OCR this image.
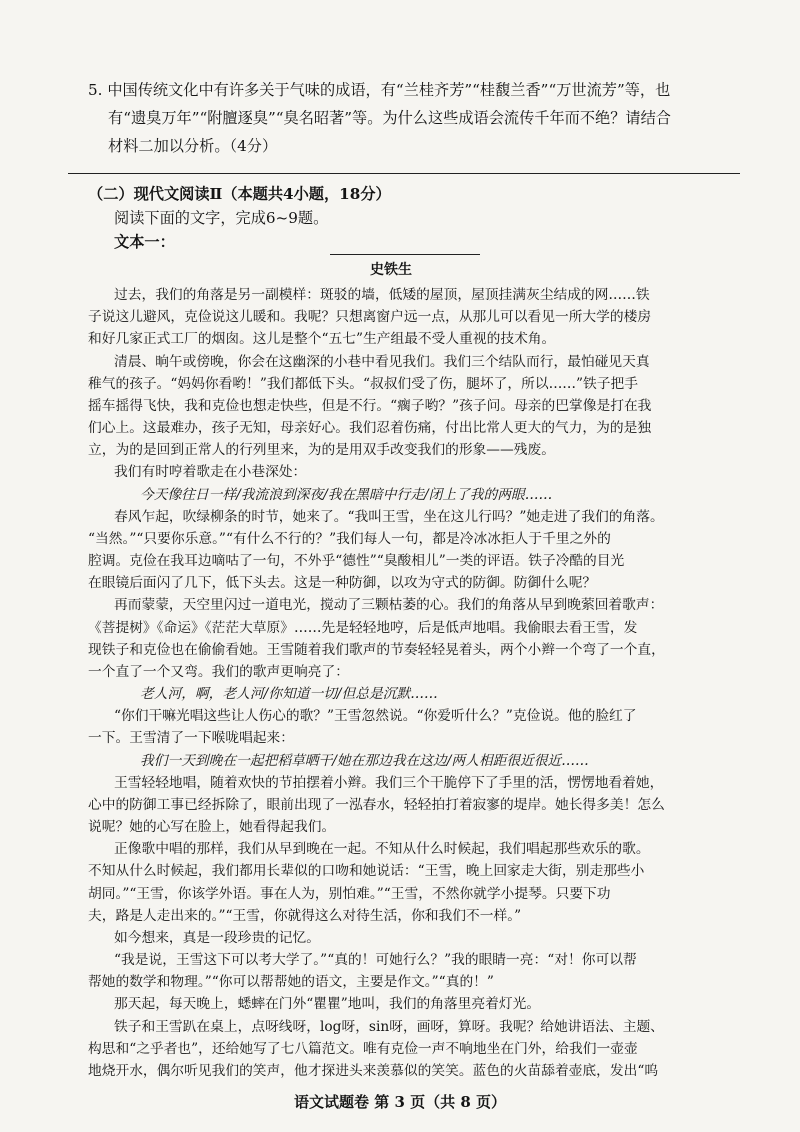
5. 中国传统文化中有许多关于气味的成语，有“兰桂齐芳”“桂馥兰香”“万世流芳”等，也
有“遗臭万年”“附膻逐臭”“臭名昭著”等。为什么这些成语会流传千年而不绝？请结合
材料二加以分析。（4分）
（二）现代文阅读Ⅱ（本题共4小题，18分）
阅读下面的文字，完成6~9题。
文本一：
史铁生
过去，我们的角落是另一副模样：斑驳的墙，低矮的屋顶，屋顶挂满灰尘结成的网……铁
子说这儿避风，克俭说这儿暖和。我呢？只想离窗户远一点，从那儿可以看见一所大学的楼房
和好几家正式工厂的烟囱。这儿是整个“五七”生产组最不受人重视的技术角。
清晨、晌午或傍晚，你会在这幽深的小巷中看见我们。我们三个结队而行，最怕碰见天真
稚气的孩子。“妈妈你看哟！”我们都低下头。“叔叔们受了伤，腿坏了，所以……”铁子把手
摇车摇得飞快，我和克俭也想走快些，但是不行。“瘸子哟？”孩子问。母亲的巴掌像是打在我
们心上。这最难办，孩子无知，母亲好心。我们忍着伤痛，付出比常人更大的气力，为的是独
立，为的是回到正常人的行列里来，为的是用双手改变我们的形象——残废。
我们有时哼着歌走在小巷深处：
今天像往日一样/我流浪到深夜/我在黑暗中行走/闭上了我的两眼……
春风乍起，吹绿柳条的时节，她来了。“我叫王雪，坐在这儿行吗？”她走进了我们的角落。
“当然。”“只要你乐意。”“有什么不行的？”我们每人一句，都是冷冰冰拒人于千里之外的
腔调。克俭在我耳边嘀咕了一句，不外乎“德性”“臭酸相儿”一类的评语。铁子冷酷的目光
在眼镜后面闪了几下，低下头去。这是一种防御，以攻为守式的防御。防御什么呢？
再而蒙蒙，天空里闪过一道电光，搅动了三颗枯萎的心。我们的角落从早到晚萦回着歌声：
《菩提树》《命运》《茫茫大草原》……先是轻轻地哼，后是低声地唱。我偷眼去看王雪，发
现铁子和克俭也在偷偷看她。王雪随着我们歌声的节奏轻轻晃着头，两个小辫一个弯了一个直，
一个直了一个又弯。我们的歌声更响亮了：
老人河，啊，老人河/你知道一切/但总是沉默……
“你们干嘛光唱这些让人伤心的歌？”王雪忽然说。“你爱听什么？”克俭说。他的脸红了
一下。王雪清了一下喉咙唱起来：
我们一天到晚在一起把稻草晒干/她在那边我在这边/两人相距很近很近……
王雪轻轻地唱，随着欢快的节拍摆着小辫。我们三个干脆停下了手里的活，愣愣地看着她，
心中的防御工事已经拆除了，眼前出现了一泓春水，轻轻拍打着寂寥的堤岸。她长得多美！怎么
说呢？她的心写在脸上，她看得起我们。
正像歌中唱的那样，我们从早到晚在一起。不知从什么时候起，我们唱起那些欢乐的歌。
不知从什么时候起，我们都用长辈似的口吻和她说话：“王雪，晚上回家走大街，别走那些小
胡同。”“王雪，你该学外语。事在人为，别怕难。”“王雪，不然你就学小提琴。只要下功
夫，路是人走出来的。”“王雪，你就得这么对待生活，你和我们不一样。”
如今想来，真是一段珍贵的记忆。
“我是说，王雪这下可以考大学了。”“真的！可她行么？”我的眼睛一亮：“对！你可以帮
帮她的数学和物理。”“你可以帮帮她的语文，主要是作文。”“真的！”
那天起，每天晚上，蟋蟀在门外“瞿瞿”地叫，我们的角落里亮着灯光。
铁子和王雪趴在桌上，点呀线呀，log呀，sin呀，画呀，算呀。我呢？给她讲语法、主题、
构思和“之乎者也”，还给她写了七八篇范文。唯有克俭一声不响地坐在门外，给我们一壶壶
地烧开水，偶尔听见我们的笑声，他才探进头来羡慕似的笑笑。蓝色的火苗舔着壶底，发出“呜
语文试题卷 第 3 页（共 8 页）
